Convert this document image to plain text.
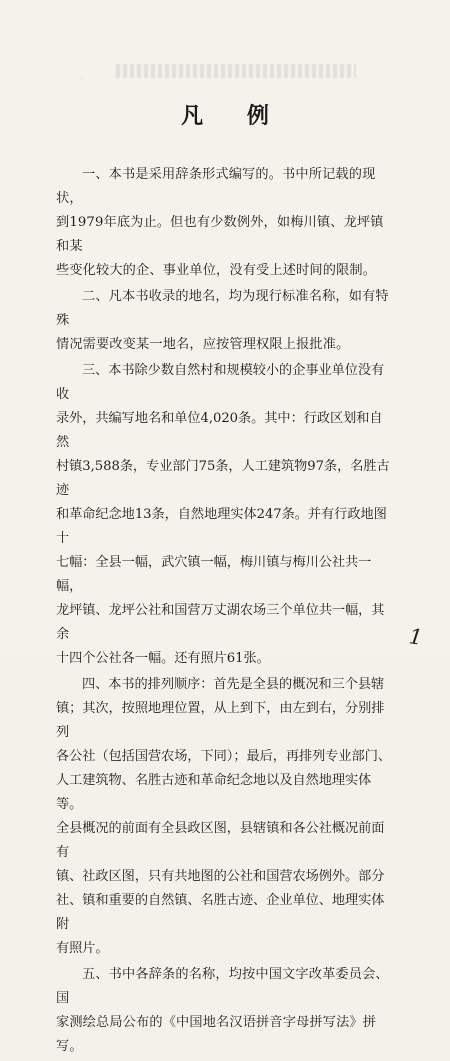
凡 例
一、本书是采用辞条形式编写的。书中所记载的现状，
到1979年底为止。但也有少数例外，如梅川镇、龙坪镇和某
些变化较大的企、事业单位，没有受上述时间的限制。
二、凡本书收录的地名，均为现行标准名称，如有特殊
情况需要改变某一地名，应按管理权限上报批准。
三、本书除少数自然村和规模较小的企事业单位没有收
录外，共编写地名和单位4,020条。其中：行政区划和自然
村镇3,588条，专业部门75条，人工建筑物97条，名胜古迹
和革命纪念地13条，自然地理实体247条。并有行政地图十
七幅：全县一幅，武穴镇一幅，梅川镇与梅川公社共一幅，
龙坪镇、龙坪公社和国营万丈湖农场三个单位共一幅，其余
十四个公社各一幅。还有照片61张。
四、本书的排列顺序：首先是全县的概况和三个县辖
镇；其次，按照地理位置，从上到下，由左到右，分别排列
各公社（包括国营农场，下同）；最后，再排列专业部门、
人工建筑物、名胜古迹和革命纪念地以及自然地理实体等。
全县概况的前面有全县政区图，县辖镇和各公社概况前面有
镇、社政区图，只有共地图的公社和国营农场例外。部分
社、镇和重要的自然镇、名胜古迹、企业单位、地理实体附
有照片。
五、书中各辞条的名称，均按中国文字改革委员会、国
家测绘总局公布的《中国地名汉语拼音字母拼写法》拼写。
1
